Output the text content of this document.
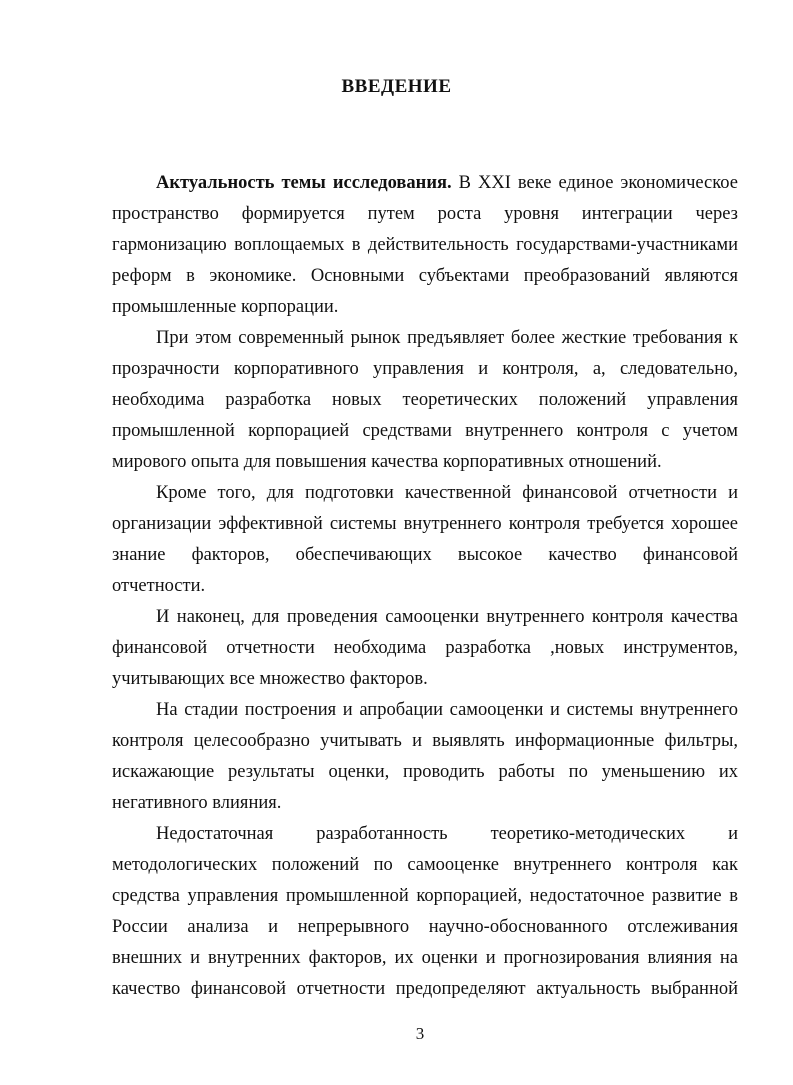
ВВЕДЕНИЕ
Актуальность темы исследования. В XXI веке единое экономическое
пространство формируется путем роста уровня интеграции через
гармонизацию воплощаемых в действительность государствами-участниками
реформ в экономике. Основными субъектами преобразований являются
промышленные корпорации.
При этом современный рынок предъявляет более жесткие требования к
прозрачности корпоративного управления и контроля, а, следовательно,
необходима разработка новых теоретических положений управления
промышленной корпорацией средствами внутреннего контроля с учетом
мирового опыта для повышения качества корпоративных отношений.
Кроме того, для подготовки качественной финансовой отчетности и
организации эффективной системы внутреннего контроля требуется хорошее
знание факторов, обеспечивающих высокое качество финансовой
отчетности.
И наконец, для проведения самооценки внутреннего контроля качества
финансовой отчетности необходима разработка ,новых инструментов,
учитывающих все множество факторов.
На стадии построения и апробации самооценки и системы внутреннего
контроля целесообразно учитывать и выявлять информационные фильтры,
искажающие результаты оценки, проводить работы по уменьшению их
негативного влияния.
Недостаточная разработанность теоретико-методических и
методологических положений по самооценке внутреннего контроля как
средства управления промышленной корпорацией, недостаточное развитие в
России анализа и непрерывного научно-обоснованного отслеживания
внешних и внутренних факторов, их оценки и прогнозирования влияния на
качество финансовой отчетности предопределяют актуальность выбранной
3
